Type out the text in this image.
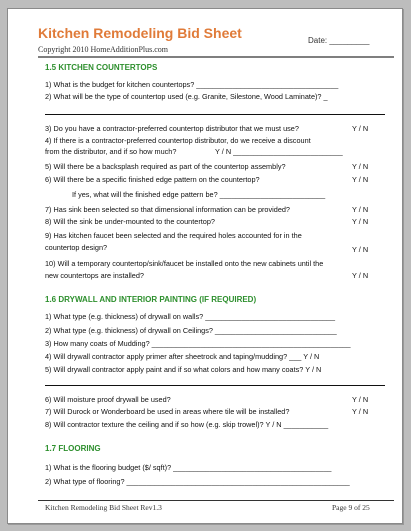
Kitchen Remodeling Bid Sheet
Copyright 2010 HomeAdditionPlus.com
Date: _________
1.5 KITCHEN COUNTERTOPS
1) What is the budget for kitchen countertops? ___________________________________
2) What will be the type of countertop used (e.g. Granite, Silestone, Wood Laminate)? _
3) Do you have a contractor-preferred countertop distributor that we must use?	Y / N
4) If there is a contractor-preferred countertop distributor, do we receive a discount
from the distributor, and if so how much?	Y / N ___________________________
5) Will there be a backsplash required as part of the countertop assembly?	Y / N
6) Will there be a specific finished edge pattern on the countertop?	Y / N
If yes, what will the finished edge pattern be? __________________________
7) Has sink been selected so that dimensional information can be provided?	Y / N
8) Will the sink be under-mounted to the countertop?	Y / N
9) Has kitchen faucet been selected and the required holes accounted for in the
countertop design?	Y / N
10) Will a temporary countertop/sink/faucet be installed onto the new cabinets until the
new countertops are installed?	Y / N
1.6 DRYWALL AND INTERIOR PAINTING (IF REQUIRED)
1) What type (e.g. thickness) of drywall on walls? ________________________________
2) What type (e.g. thickness) of drywall on Ceilings? ______________________________
3) How many coats of Mudding? _________________________________________________
4) Will drywall contractor apply primer after sheetrock and taping/mudding? ___ Y / N
5) Will drywall contractor apply paint and if so what colors and how many coats? Y / N
6) Will moisture proof drywall be used?	Y / N
7) Will Durock or Wonderboard be used in areas where tile will be installed?	Y / N
8) Will contractor texture the ceiling and if so how (e.g. skip trowel)? Y / N ___________
1.7 FLOORING
1) What is the flooring budget ($/ sqft)? _______________________________________
2) What type of flooring? _______________________________________________________
Kitchen Remodeling Bid Sheet Rev1.3	Page 9 of 25
